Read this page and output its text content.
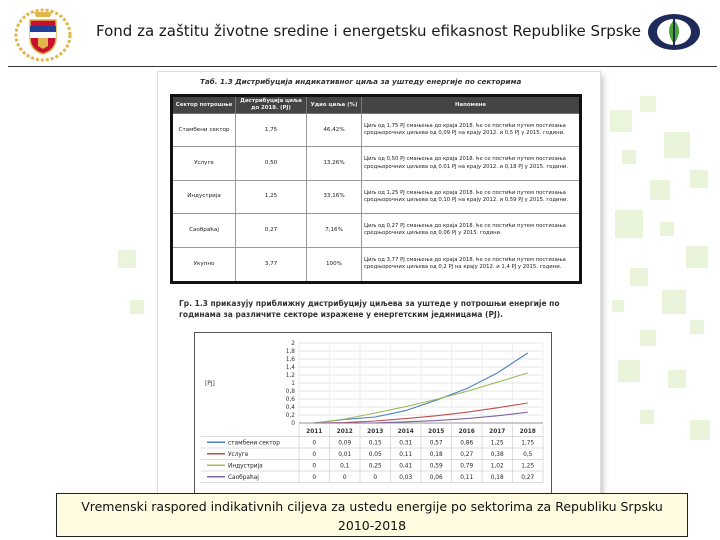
Fond za zaštitu životne sredine i energetsku efikasnost Republike Srpske
Таб. 1.3 Дистрибуција индикативног циља за уштеду енергије по секторима
Сектор потрошње	Дистрибуција циља до 2018. (PJ)	Удио циља (%)	Напомене
Стамбени сектор	1,75	46,42%	Циљ од 1,75 PJ смањења до краја 2018. ће се постићи путем постизања средњорочних циљева од 0,09 PJ на крају 2012. и 0,5 PJ у 2015. години.
Услуге	0,50	13,26%	Циљ од 0,50 PJ смањења до краја 2018. ће се постићи путем постизања средњорочних циљева од 0,01 PJ на крају 2012. и 0,18 PJ у 2015. години.
Индустрија	1,25	33,16%	Циљ од 1,25 PJ смањења до краја 2018. ће се постићи путем постизања средњорочних циљева од 0,10 PJ на крају 2012. и 0,59 PJ у 2015. години.
Саобраћај	0,27	7,16%	Циљ од 0,27 PJ смањења до краја 2018. ће се постићи путем постизања средњорочних циљева од 0,06 PJ у 2015. години.
Укупно	3,77	100%	Циљ од 3,77 PJ смањења до краја 2018. ће се постићи путем постизања средњорочних циљева од 0,2 PJ на крају 2012. и 1,4 PJ у 2015. години.
Гр. 1.3 приказују приближну дистрибуцију циљева за уштеде у потрошњи енергије по годинама за различите секторе изражене у енергетским јединицама (PJ).
0
0,2
0,4
0,6
0,8
1
1,2
1,4
1,6
1,8
2
[PJ]
2011 2012 2013 2014 2015 2016 2017 2018
стамбени сектор	0	0,09	0,15	0,31	0,57	0,86	1,25	1,75
Услуге	0	0,01	0,05	0,11	0,18	0,27	0,38	0,5
Индустрија	0	0,1	0,25	0,41	0,59	0,79	1,02	1,25
Саобраћај	0	0	0	0,03	0,06	0,11	0,18	0,27
Vremenski raspored indikativnih ciljeva za ustedu energije po sektorima za Republiku Srpsku
2010-2018
